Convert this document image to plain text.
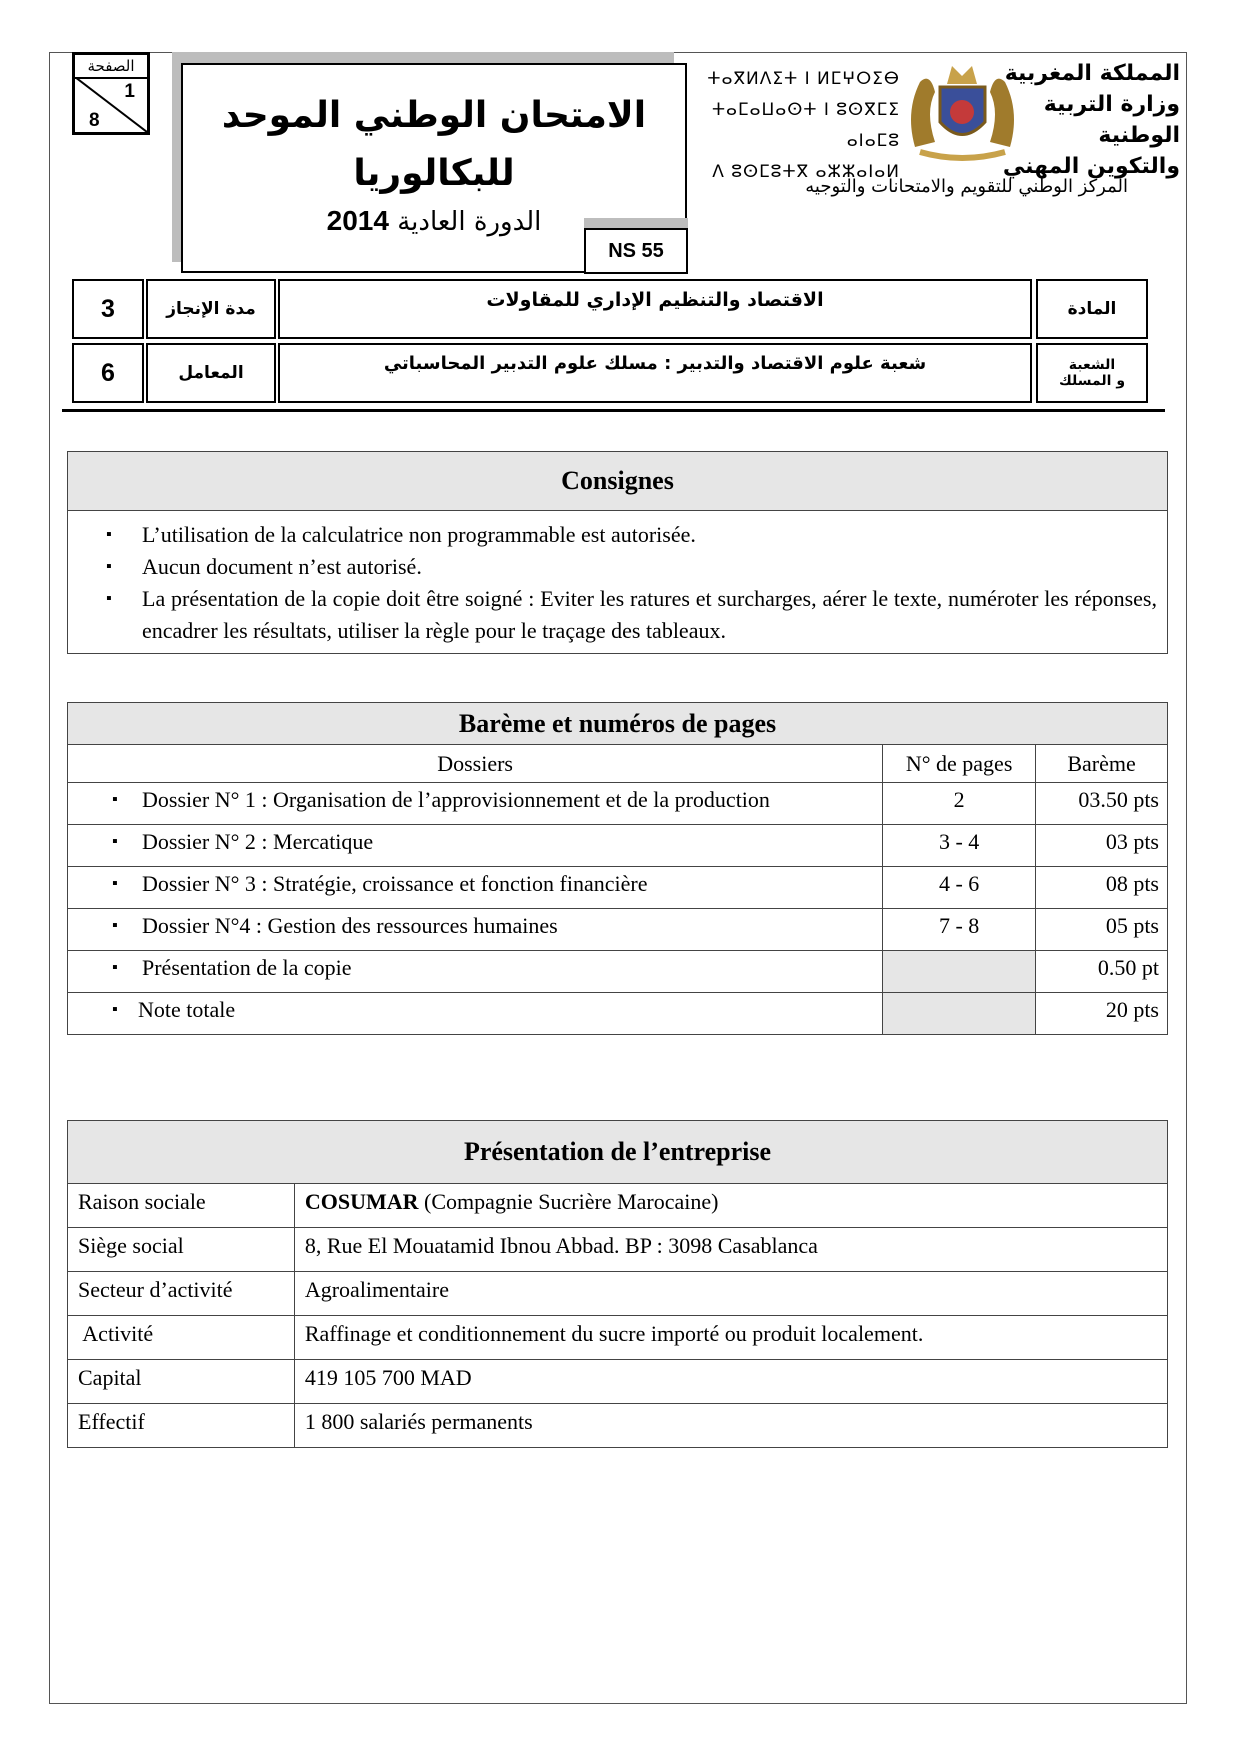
الصفحة
1
8	الامتحان الوطني الموحد
للبكالوريا
الدورة العادية 2014
NS 55
ⵜⴰⴳⵍⴷⵉⵜ ⵏ ⵍⵎⵖⵔⵉⴱ
ⵜⴰⵎⴰⵡⴰⵙⵜ ⵏ ⵓⵙⴳⵎⵉ ⴰⵏⴰⵎⵓ
ⴷ ⵓⵙⵎⵓⵜⴳ ⴰⵣⵣⴰⵏⴰⵍ
المملكة المغربية
وزارة التربية الوطنية
والتكوين المهني
المركز الوطني للتقويم والامتحانات والتوجيه
3	مدة الإنجاز	الاقتصاد والتنظيم الإداري للمقاولات	المادة
6	المعامل	شعبة علوم الاقتصاد والتدبير : مسلك علوم التدبير المحاسباتي	الشعبة
و المسلك
Consignes

▪ L’utilisation de la calculatrice non programmable est autorisée.
▪ Aucun document n’est autorisé.
▪ La présentation de la copie doit être soigné : Eviter les ratures et surcharges, aérer le texte, numéroter les réponses, encadrer les résultats, utiliser la règle pour le traçage des tableaux.
Barème et numéros de pages		
Dossiers	N° de pages	Barème
▪ Dossier N° 1 : Organisation de l’approvisionnement et de la production	2	03.50 pts
▪ Dossier N° 2 : Mercatique	3 - 4	03 pts
▪ Dossier N° 3 : Stratégie, croissance et fonction financière	4 - 6	08 pts
▪ Dossier N°4 : Gestion des ressources humaines	7 - 8	05 pts
▪ Présentation de la copie		0.50 pt
▪ Note totale		20 pts
Présentation de l’entreprise	
Raison sociale	COSUMAR (Compagnie Sucrière Marocaine)
Siège social	8, Rue El Mouatamid Ibnou Abbad. BP : 3098 Casablanca
Secteur d’activité	Agroalimentaire
Activité	Raffinage et conditionnement du sucre importé ou produit localement.
Capital	419 105 700 MAD
Effectif	1 800 salariés permanents
